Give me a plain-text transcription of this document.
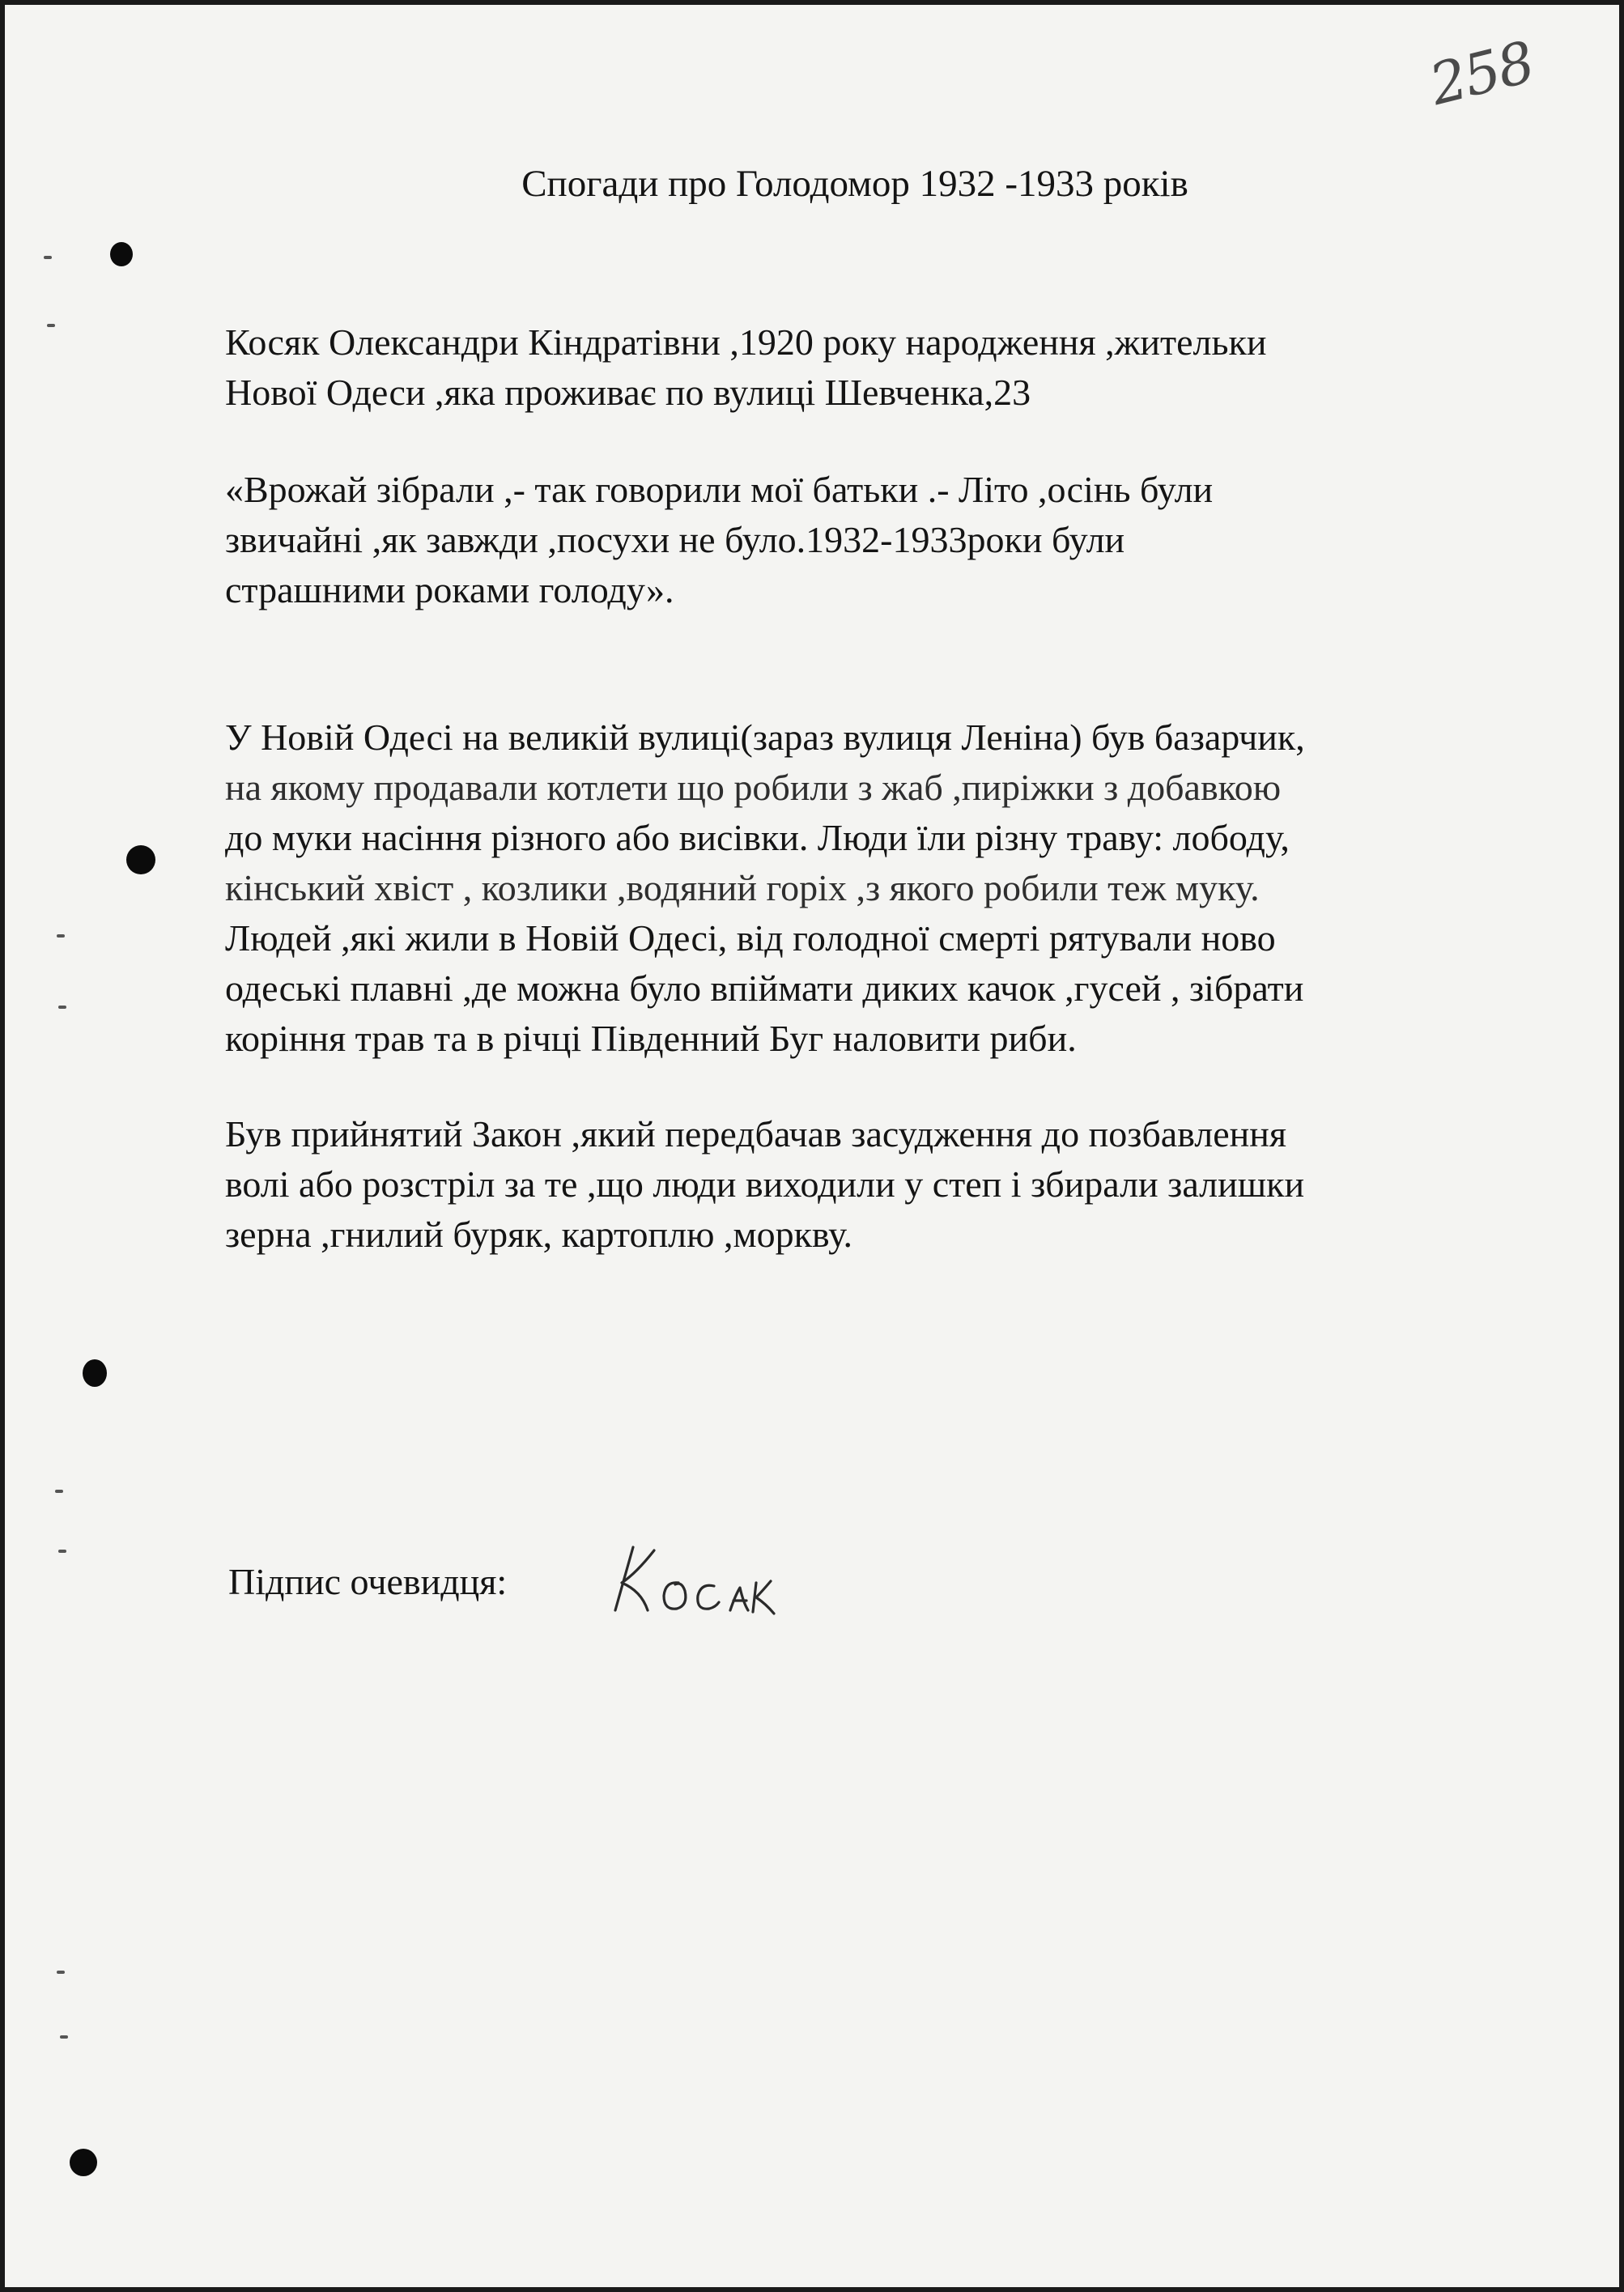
258
Спогади про Голодомор 1932 -1933 років

Косяк Олександри Кіндратівни ,1920 року народження ,жительки
Нової Одеси ,яка проживає по вулиці Шевченка,23

«Врожай зібрали ,- так говорили мої батьки .- Літо ,осінь були
звичайні ,як завжди ,посухи не було.1932-1933роки були
страшними роками голоду».

У Новій Одесі на великій вулиці(зараз вулиця Леніна) був базарчик,
на якому продавали котлети що робили з жаб ,пиріжки з добавкою
до муки насіння різного або висівки. Люди їли різну траву: лободу,
кінський хвіст , козлики ,водяний горіх ,з якого робили теж муку.
Людей ,які жили в Новій Одесі, від голодної смерті рятували ново
одеські плавні ,де можна було впіймати диких качок ,гусей , зібрати
коріння трав та в річці Південний Буг наловити риби.

Був прийнятий Закон ,який передбачав засудження до позбавлення
волі або розстріл за те ,що люди виходили у степ і збирали залишки
зерна ,гнилий буряк, картоплю ,моркву.

Підпис очевидця:
